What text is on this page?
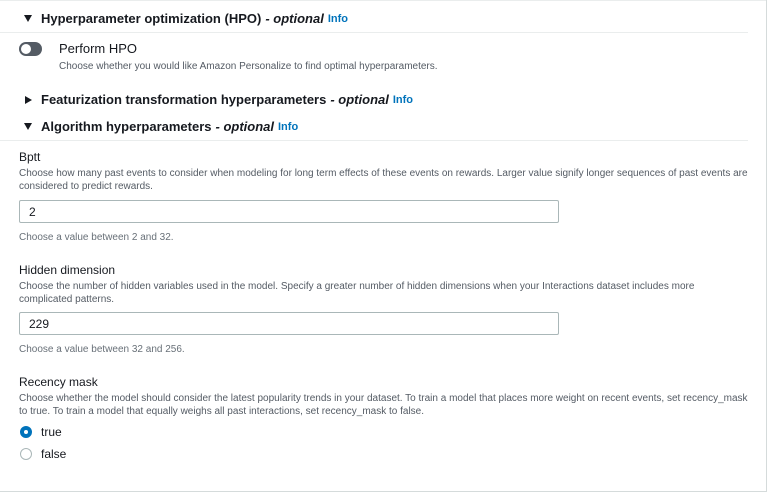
Hyperparameter optimization (HPO) - optional Info
Perform HPO
Choose whether you would like Amazon Personalize to find optimal hyperparameters.
Featurization transformation hyperparameters - optional Info
Algorithm hyperparameters - optional Info
Bptt
Choose how many past events to consider when modeling for long term effects of these events on rewards. Larger value signify longer sequences of past events are considered to predict rewards.
2
Choose a value between 2 and 32.
Hidden dimension
Choose the number of hidden variables used in the model. Specify a greater number of hidden dimensions when your Interactions dataset includes more complicated patterns.
229
Choose a value between 32 and 256.
Recency mask
Choose whether the model should consider the latest popularity trends in your dataset. To train a model that places more weight on recent events, set recency_mask to true. To train a model that equally weighs all past interactions, set recency_mask to false.
true
false
